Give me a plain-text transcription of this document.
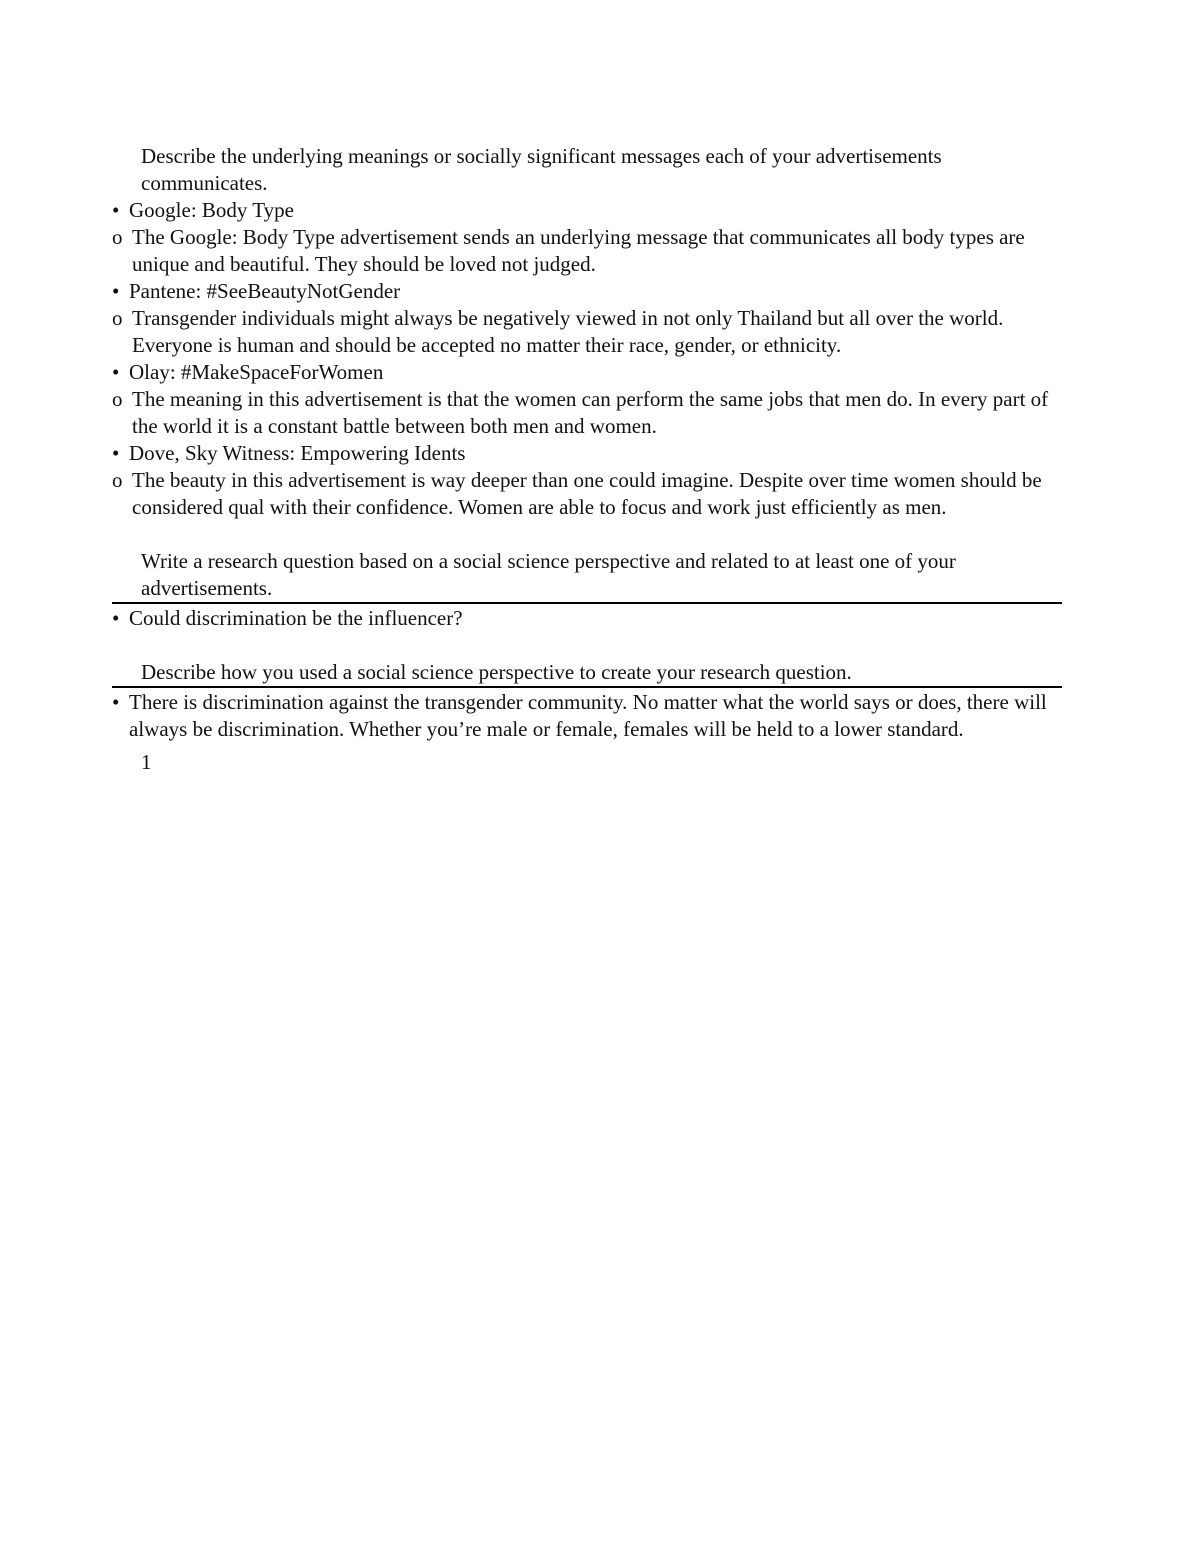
Describe the underlying meanings or socially significant messages each of your advertisements communicates.
• Google: Body Type
o The Google: Body Type advertisement sends an underlying message that communicates all body types are unique and beautiful. They should be loved not judged.
• Pantene: #SeeBeautyNotGender
o Transgender individuals might always be negatively viewed in not only Thailand but all over the world. Everyone is human and should be accepted no matter their race, gender, or ethnicity.
• Olay: #MakeSpaceForWomen
o The meaning in this advertisement is that the women can perform the same jobs that men do. In every part of the world it is a constant battle between both men and women.
• Dove, Sky Witness: Empowering Idents
o The beauty in this advertisement is way deeper than one could imagine. Despite over time women should be considered qual with their confidence. Women are able to focus and work just efficiently as men.
Write a research question based on a social science perspective and related to at least one of your advertisements.
• Could discrimination be the influencer?
Describe how you used a social science perspective to create your research question.
• There is discrimination against the transgender community. No matter what the world says or does, there will always be discrimination. Whether you’re male or female, females will be held to a lower standard.
1
